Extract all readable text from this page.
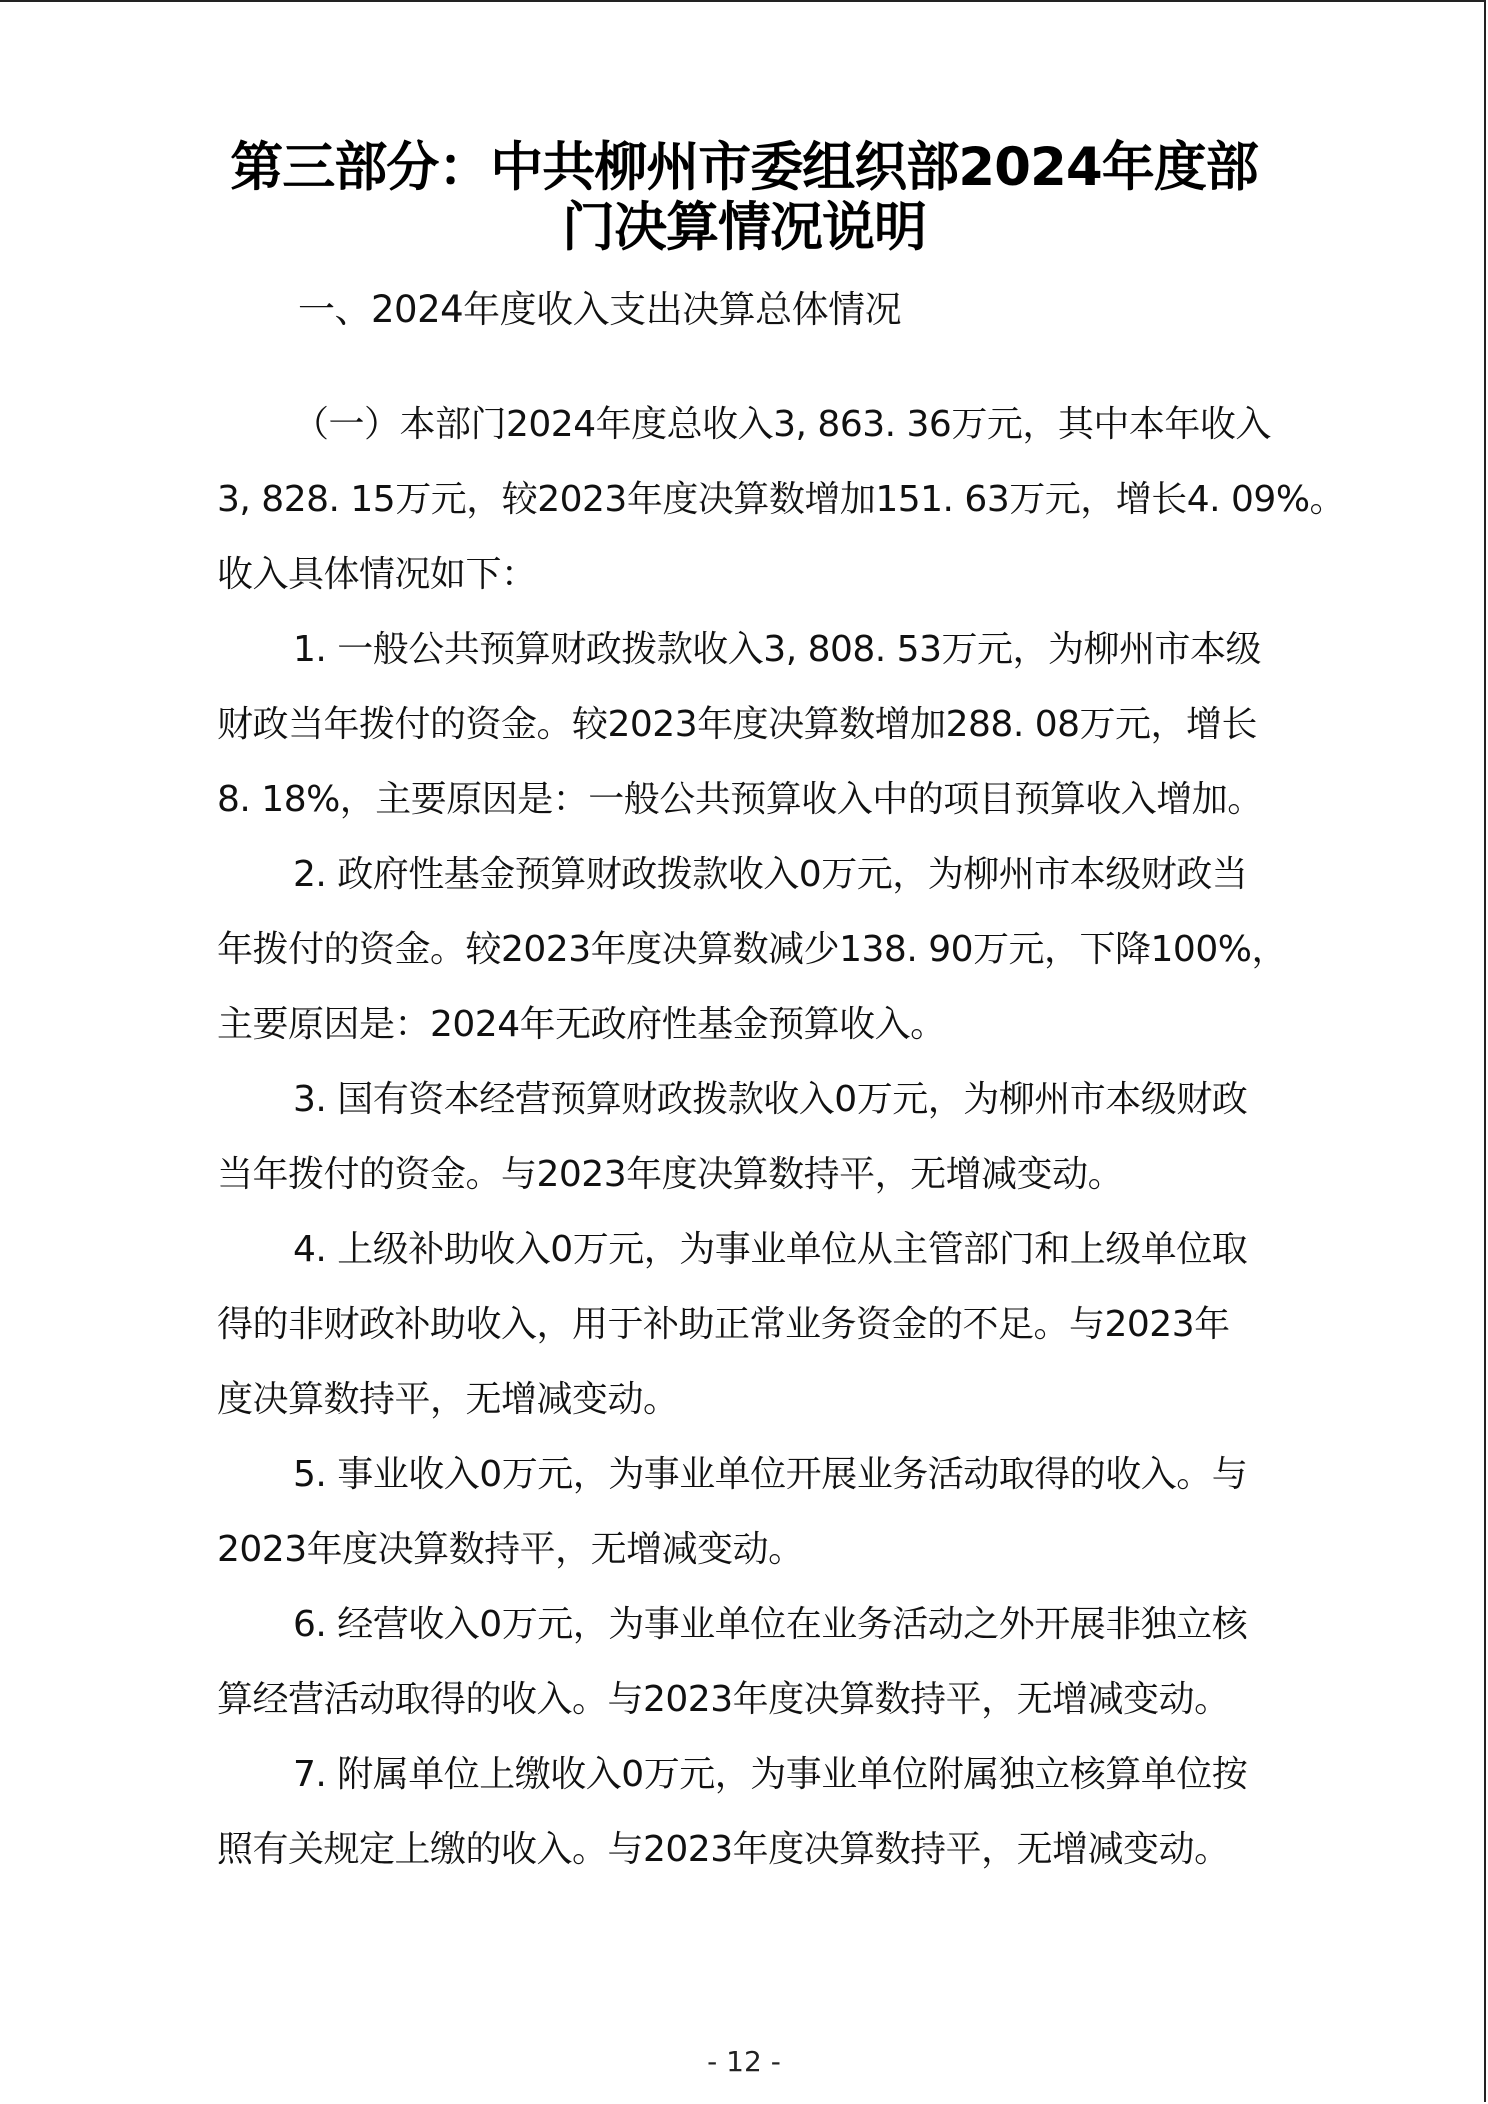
第三部分：中共柳州市委组织部2024年度部
门决算情况说明
一、2024年度收入支出决算总体情况

（一）本部门2024年度总收入3, 863. 36万元，其中本年收入
3, 828. 15万元，较2023年度决算数增加151. 63万元，增长4. 09%。
收入具体情况如下：

1. 一般公共预算财政拨款收入3, 808. 53万元，为柳州市本级
财政当年拨付的资金。较2023年度决算数增加288. 08万元，增长
8. 18%，主要原因是：一般公共预算收入中的项目预算收入增加。

2. 政府性基金预算财政拨款收入0万元，为柳州市本级财政当
年拨付的资金。较2023年度决算数减少138. 90万元，下降100%，
主要原因是：2024年无政府性基金预算收入。

3. 国有资本经营预算财政拨款收入0万元，为柳州市本级财政
当年拨付的资金。与2023年度决算数持平，无增减变动。

4. 上级补助收入0万元，为事业单位从主管部门和上级单位取
得的非财政补助收入，用于补助正常业务资金的不足。与2023年
度决算数持平，无增减变动。

5. 事业收入0万元，为事业单位开展业务活动取得的收入。与
2023年度决算数持平，无增减变动。

6. 经营收入0万元，为事业单位在业务活动之外开展非独立核
算经营活动取得的收入。与2023年度决算数持平，无增减变动。

7. 附属单位上缴收入0万元，为事业单位附属独立核算单位按
照有关规定上缴的收入。与2023年度决算数持平，无增减变动。

- 12 -
